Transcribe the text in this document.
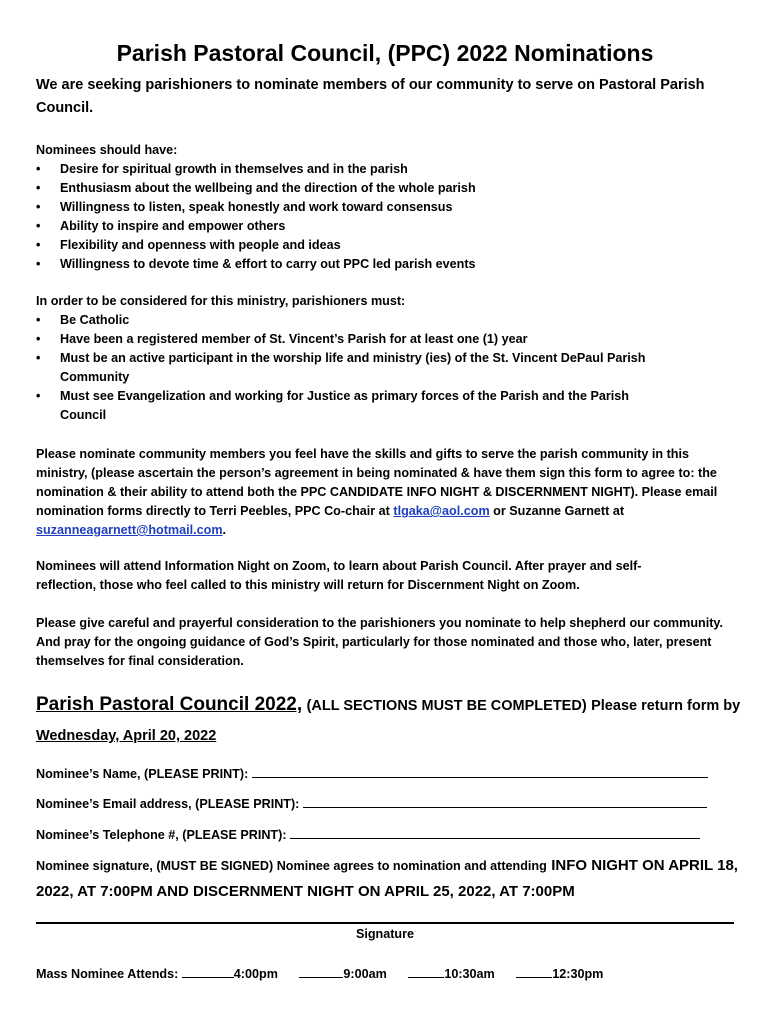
Parish Pastoral Council, (PPC) 2022 Nominations

We are seeking parishioners to nominate members of our community to serve on Pastoral Parish Council.

Nominees should have:

• Desire for spiritual growth in themselves and in the parish
• Enthusiasm about the wellbeing and the direction of the whole parish
• Willingness to listen, speak honestly and work toward consensus
• Ability to inspire and empower others
• Flexibility and openness with people and ideas
• Willingness to devote time & effort to carry out PPC led parish events

In order to be considered for this ministry, parishioners must:

• Be Catholic
• Have been a registered member of St. Vincent’s Parish for at least one (1) year
• Must be an active participant in the worship life and ministry (ies) of the St. Vincent DePaul Parish Community
• Must see Evangelization and working for Justice as primary forces of the Parish and the Parish Council

Please nominate community members you feel have the skills and gifts to serve the parish community in this ministry, (please ascertain the person’s agreement in being nominated & have them sign this form to agree to: the nomination & their ability to attend both the PPC CANDIDATE INFO NIGHT & DISCERNMENT NIGHT). Please email nomination forms directly to Terri Peebles, PPC Co-chair at tlgaka@aol.com or Suzanne Garnett at suzanneagarnett@hotmail.com.

Nominees will attend Information Night on Zoom, to learn about Parish Council. After prayer and self-reflection, those who feel called to this ministry will return for Discernment Night on Zoom.

Please give careful and prayerful consideration to the parishioners you nominate to help shepherd our community. And pray for the ongoing guidance of God’s Spirit, particularly for those nominated and those who, later, present themselves for final consideration.

Parish Pastoral Council 2022, (ALL SECTIONS MUST BE COMPLETED) Please return form by Wednesday, April 20, 2022
Nominee’s Name, (PLEASE PRINT):
Nominee’s Email address, (PLEASE PRINT):
Nominee’s Telephone #, (PLEASE PRINT):
Nominee signature, (MUST BE SIGNED) Nominee agrees to nomination and attending INFO NIGHT ON APRIL 18, 2022, AT 7:00PM AND DISCERNMENT NIGHT ON APRIL 25, 2022, AT 7:00PM
Signature
Mass Nominee Attends:	4:00pm	9:00am	10:30am	12:30pm
